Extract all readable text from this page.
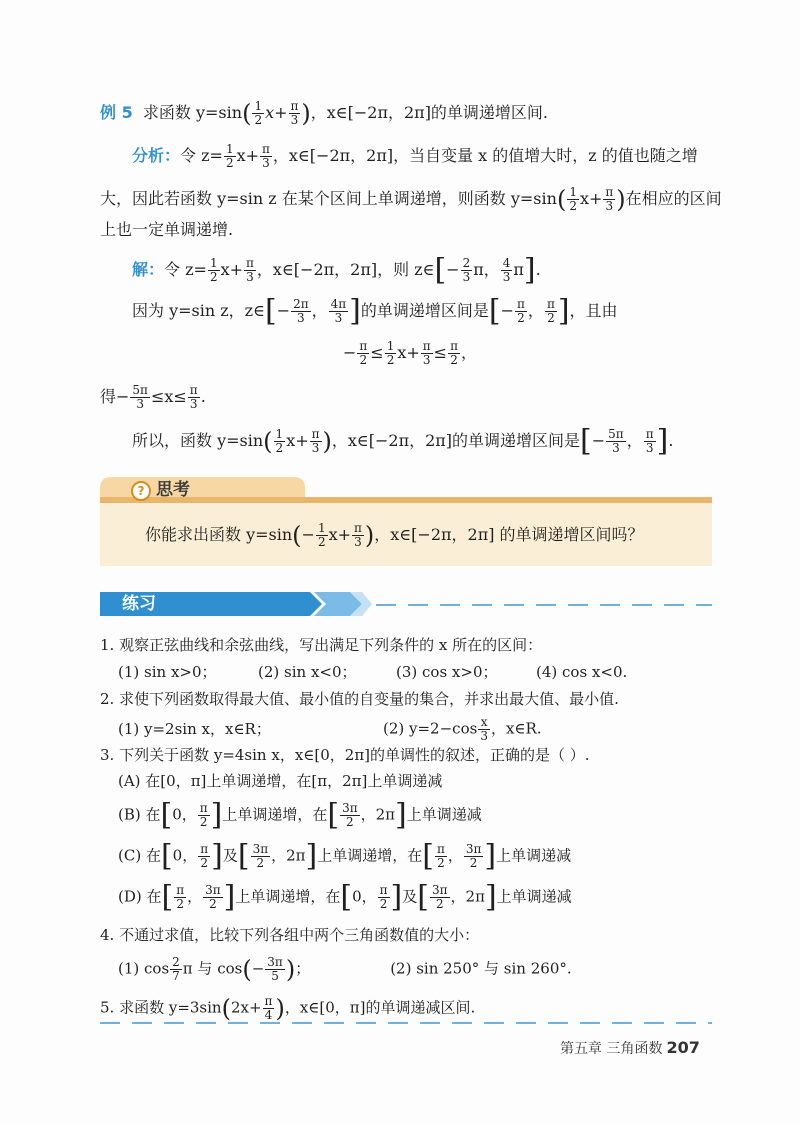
例 5 求函数 $y=\sin( \frac{1}{2} x+ \frac{\pi}{3}$ )，x∈[−2π，2π]的单调递增区间.
分析：令 $z= \frac{1}{2} x+ \frac{\pi}{3}$ ，x∈[−2π，2π]，当自变量 x 的值增大时，z 的值也随之增
大，因此若函数 y=sin z 在某个区间上单调递增，则函数 $y=\sin( \frac{1}{2} x+ \frac{\pi}{3}$ )在相应的区间
上也一定单调递增.
解：令 $z= \frac{1}{2} x+ \frac{\pi}{3}$ ，x∈[−2π，2π]，则 z∈[− $\frac{2}{3}$ π， $\frac{4}{3} \pi$].
因为 y=sin z，z∈[− $\frac{2\pi}{3}$ ， $\frac{4\pi}{3}$ ]的单调递增区间是[− $\frac{\pi}{2}$ ， $\frac{\pi}{2}$ ]，且由
− $\frac{\pi}{2} \le \frac{1}{2} x+ \frac{\pi}{3} \le \frac{\pi}{2}$ ，
得− $\frac{5\pi}{3} \le x\le \frac{\pi}{3}$ .
所以，函数 $y=\sin( \frac{1}{2} x+ \frac{\pi}{3}$ )，x∈[−2π，2π]的单调递增区间是[− $\frac{5\pi}{3}$ ， $\frac{\pi}{3}$ ].
? 思考
你能求出函数 $y=\sin(- \frac{1}{2} x+ \frac{\pi}{3}$ )，x∈[−2π，2π] 的单调递增区间吗？
练习
1. 观察正弦曲线和余弦曲线，写出满足下列条件的 x 所在的区间：
(1) sin x>0；	(2) sin x<0；	(3) cos x>0；	(4) cos x<0.
2. 求使下列函数取得最大值、最小值的自变量的集合，并求出最大值、最小值.
(1) y=2sin x，x∈R；	(2) $y=2-\cos \frac{x}{3}$ ，x∈R.
3. 下列关于函数 y=4sin x，x∈[0，2π]的单调性的叙述，正确的是（ ）.
(A) 在[0，π]上单调递增，在[π，2π]上单调递减
(B) 在[0， $\frac{\pi}{2}$ ]上单调递增，在[ $\frac{3\pi}{2}$ ，2π]上单调递减
(C) 在[0， $\frac{\pi}{2}$ ]及[ $\frac{3\pi}{2}$ ，2π]上单调递增，在[ $\frac{\pi}{2}$ ， $\frac{3\pi}{2}$ ]上单调递减
(D) 在[ $\frac{\pi}{2}$ ， $\frac{3\pi}{2}$ ]上单调递增，在[0， $\frac{\pi}{2}$ ]及[ $\frac{3\pi}{2}$ ，2π]上单调递减
4. 不通过求值，比较下列各组中两个三角函数值的大小：
(1) $\cos \frac{2}{7}$ π 与 $\cos(- \frac{3\pi}{5}$ )；	(2) sin 250° 与 sin 260°.
5. 求函数 $y=3\sin(2x+ \frac{\pi}{4}$ )，x∈[0，π]的单调递减区间.
第五章 三角函数 207
